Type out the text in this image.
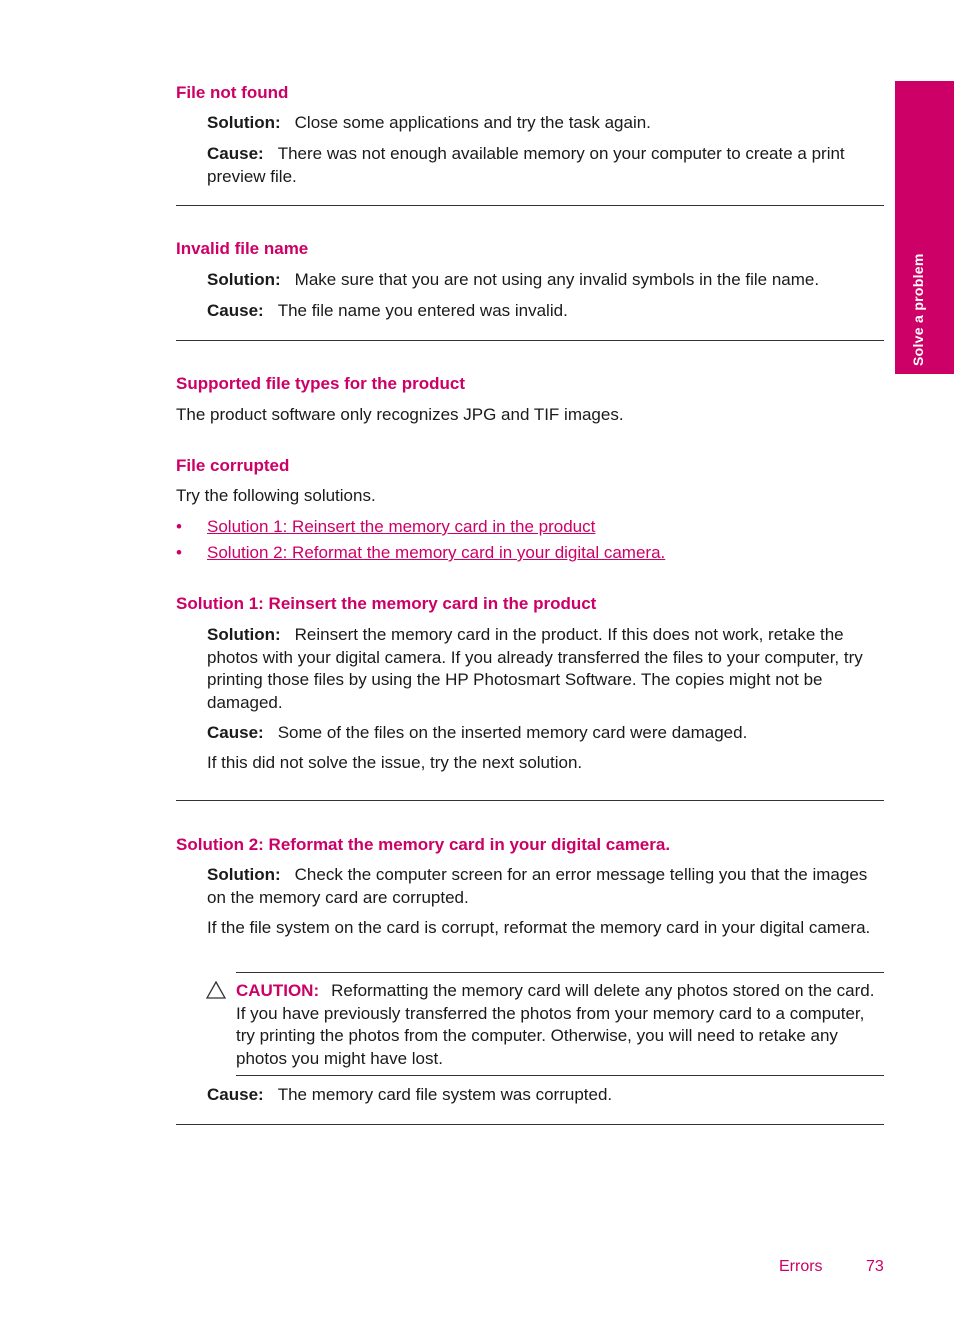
Solve a problem
File not found

Solution: Close some applications and try the task again.

Cause: There was not enough available memory on your computer to create a print preview file.

Invalid file name

Solution: Make sure that you are not using any invalid symbols in the file name.

Cause: The file name you entered was invalid.

Supported file types for the product

The product software only recognizes JPG and TIF images.

File corrupted

Try the following solutions.

• Solution 1: Reinsert the memory card in the product
• Solution 2: Reformat the memory card in your digital camera.
Solution 1: Reinsert the memory card in the product

Solution: Reinsert the memory card in the product. If this does not work, retake the photos with your digital camera. If you already transferred the files to your computer, try printing those files by using the HP Photosmart Software. The copies might not be damaged.

Cause: Some of the files on the inserted memory card were damaged.

If this did not solve the issue, try the next solution.

Solution 2: Reformat the memory card in your digital camera.

Solution: Check the computer screen for an error message telling you that the images on the memory card are corrupted.

If the file system on the card is corrupt, reformat the memory card in your digital camera.

CAUTION: Reformatting the memory card will delete any photos stored on the card. If you have previously transferred the photos from your memory card to a computer, try printing the photos from the computer. Otherwise, you will need to retake any photos you might have lost.

Cause: The memory card file system was corrupted.

Errors	73
